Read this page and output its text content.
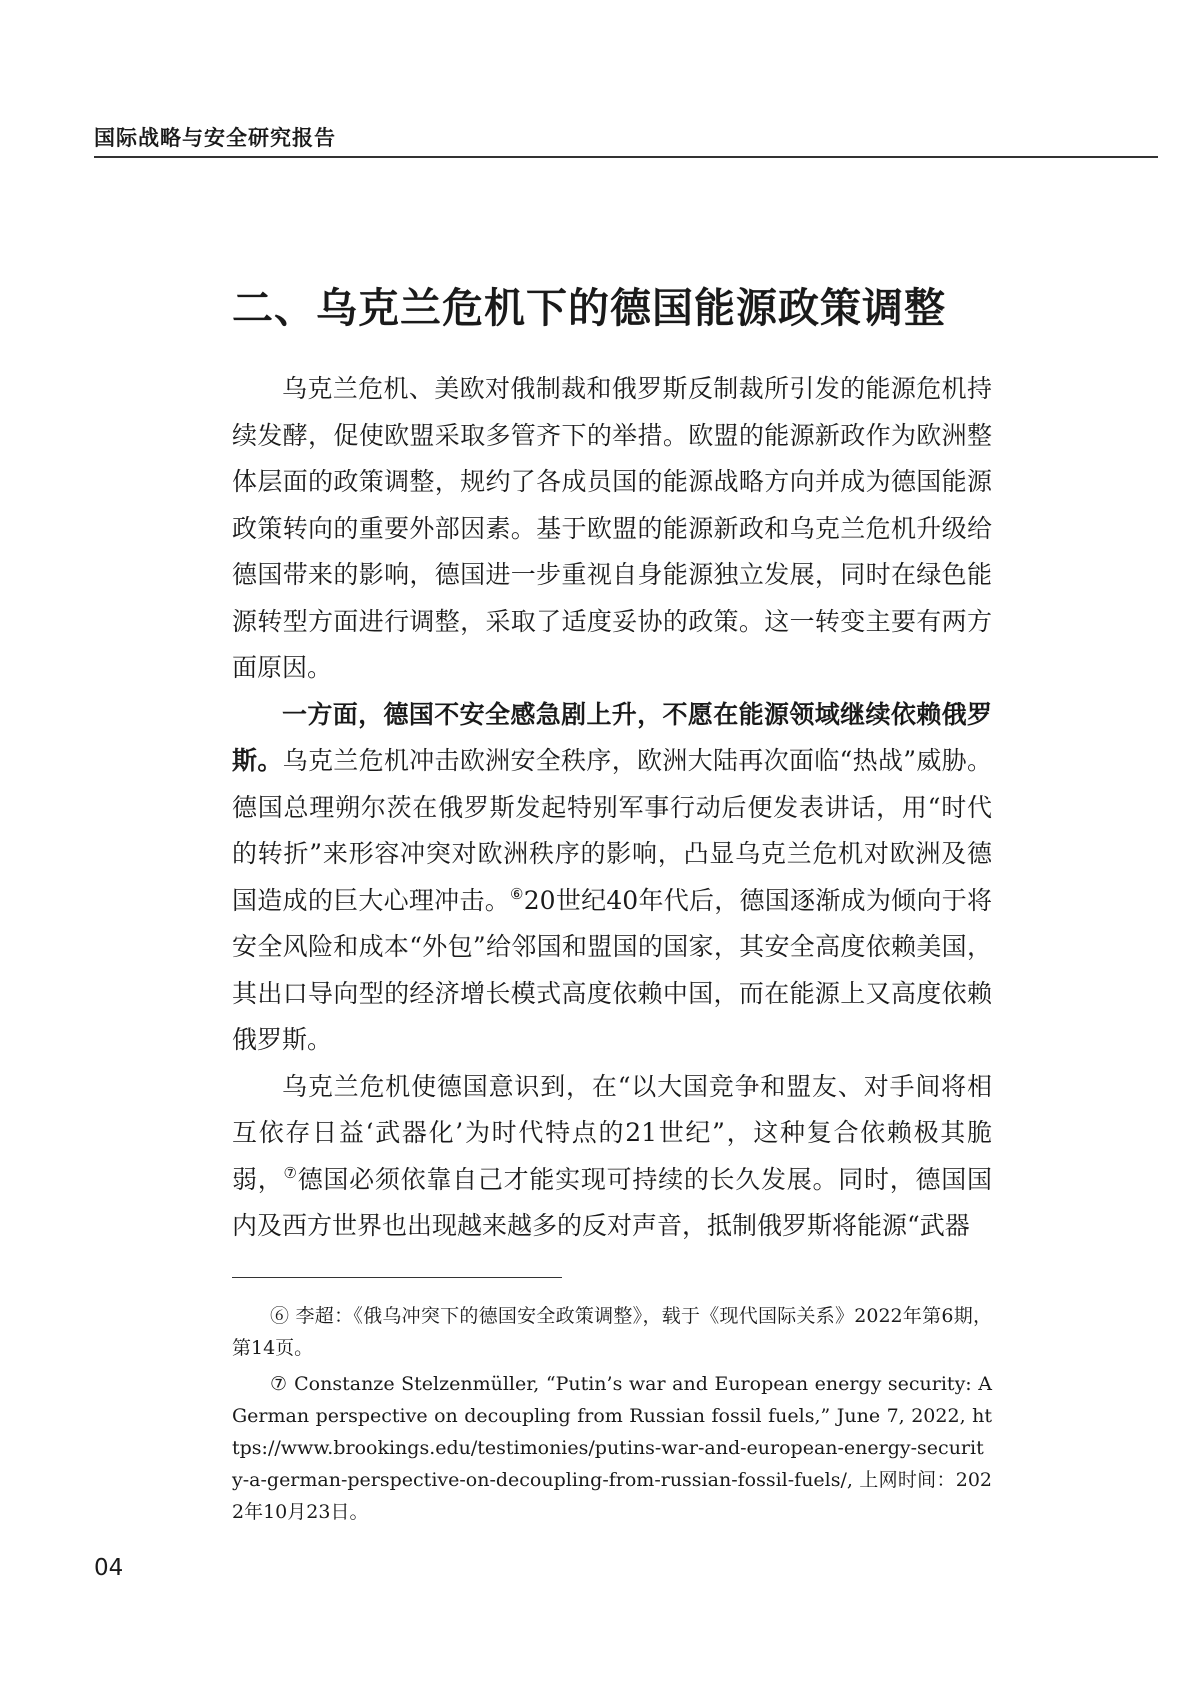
国际战略与安全研究报告
二、乌克兰危机下的德国能源政策调整

乌克兰危机、美欧对俄制裁和俄罗斯反制裁所引发的能源危机持续发酵，促使欧盟采取多管齐下的举措。欧盟的能源新政作为欧洲整体层面的政策调整，规约了各成员国的能源战略方向并成为德国能源政策转向的重要外部因素。基于欧盟的能源新政和乌克兰危机升级给德国带来的影响，德国进一步重视自身能源独立发展，同时在绿色能源转型方面进行调整，采取了适度妥协的政策。这一转变主要有两方面原因。

一方面，德国不安全感急剧上升，不愿在能源领域继续依赖俄罗斯。乌克兰危机冲击欧洲安全秩序，欧洲大陆再次面临“热战”威胁。德国总理朔尔茨在俄罗斯发起特别军事行动后便发表讲话，用“时代的转折”来形容冲突对欧洲秩序的影响，凸显乌克兰危机对欧洲及德国造成的巨大心理冲击。⑥20世纪40年代后，德国逐渐成为倾向于将安全风险和成本“外包”给邻国和盟国的国家，其安全高度依赖美国，其出口导向型的经济增长模式高度依赖中国，而在能源上又高度依赖俄罗斯。

乌克兰危机使德国意识到，在“以大国竞争和盟友、对手间将相互依存日益‘武器化’为时代特点的21世纪”，这种复合依赖极其脆弱，⑦德国必须依靠自己才能实现可持续的长久发展。同时，德国国内及西方世界也出现越来越多的反对声音，抵制俄罗斯将能源“武器

⑥ 李超：《俄乌冲突下的德国安全政策调整》，载于《现代国际关系》2022年第6期，第14页。

⑦ Constanze Stelzenmüller, “Putin’s war and European energy security: A German perspective on decoupling from Russian fossil fuels,” June 7, 2022, https://www.brookings.edu/testimonies/putins-war-and-european-energy-security-a-german-perspective-on-decoupling-from-russian-fossil-fuels/, 上网时间：2022年10月23日。

04
